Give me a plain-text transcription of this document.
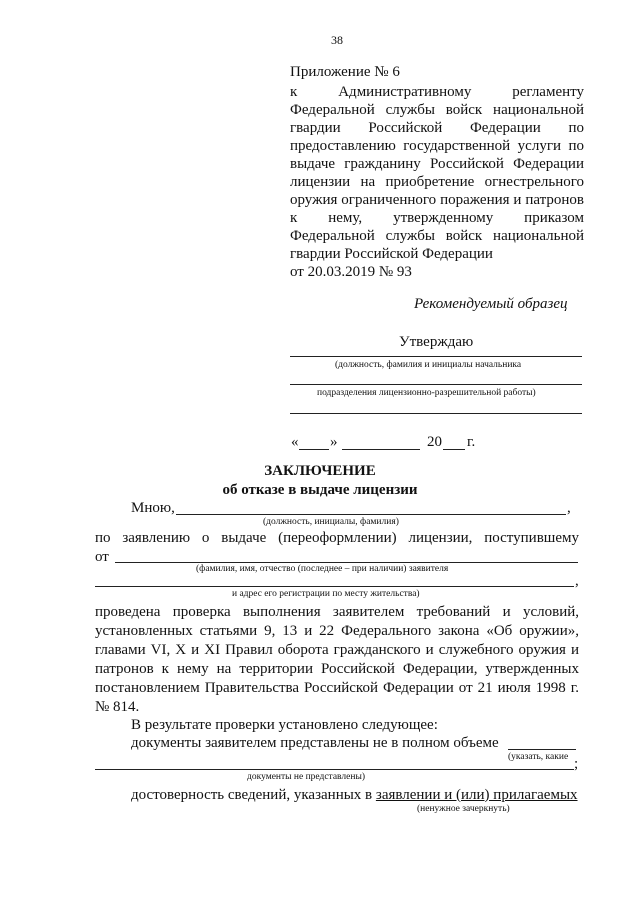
38
Приложение № 6
к Административному регламенту
Федеральной службы войск национальной
гвардии Российской Федерации по
предоставлению государственной услуги по
выдаче гражданину Российской Федерации
лицензии на приобретение огнестрельного
оружия ограниченного поражения и патронов
к нему, утвержденному приказом
Федеральной службы войск национальной
гвардии Российской Федерации
от 20.03.2019 № 93
Рекомендуемый образец
Утверждаю
(должность, фамилия и инициалы начальника
подразделения лицензионно-разрешительной работы)
« »	20 г.
ЗАКЛЮЧЕНИЕ
об отказе в выдаче лицензии
Мною,	,
(должность, инициалы, фамилия)
по заявлению о выдаче (переоформлении) лицензии, поступившему
от
(фамилия, имя, отчество (последнее – при наличии) заявителя
,
и адрес его регистрации по месту жительства)
проведена проверка выполнения заявителем требований и условий,
установленных статьями 9, 13 и 22 Федерального закона «Об оружии»,
главами VI, X и XI Правил оборота гражданского и служебного оружия и
патронов к нему на территории Российской Федерации, утвержденных
постановлением Правительства Российской Федерации от 21 июля 1998 г.
№ 814.
В результате проверки установлено следующее:
документы заявителем представлены не в полном объеме
(указать, какие ;
документы не представлены)
достоверность сведений, указанных в заявлении и (или) прилагаемых
(ненужное зачеркнуть)
